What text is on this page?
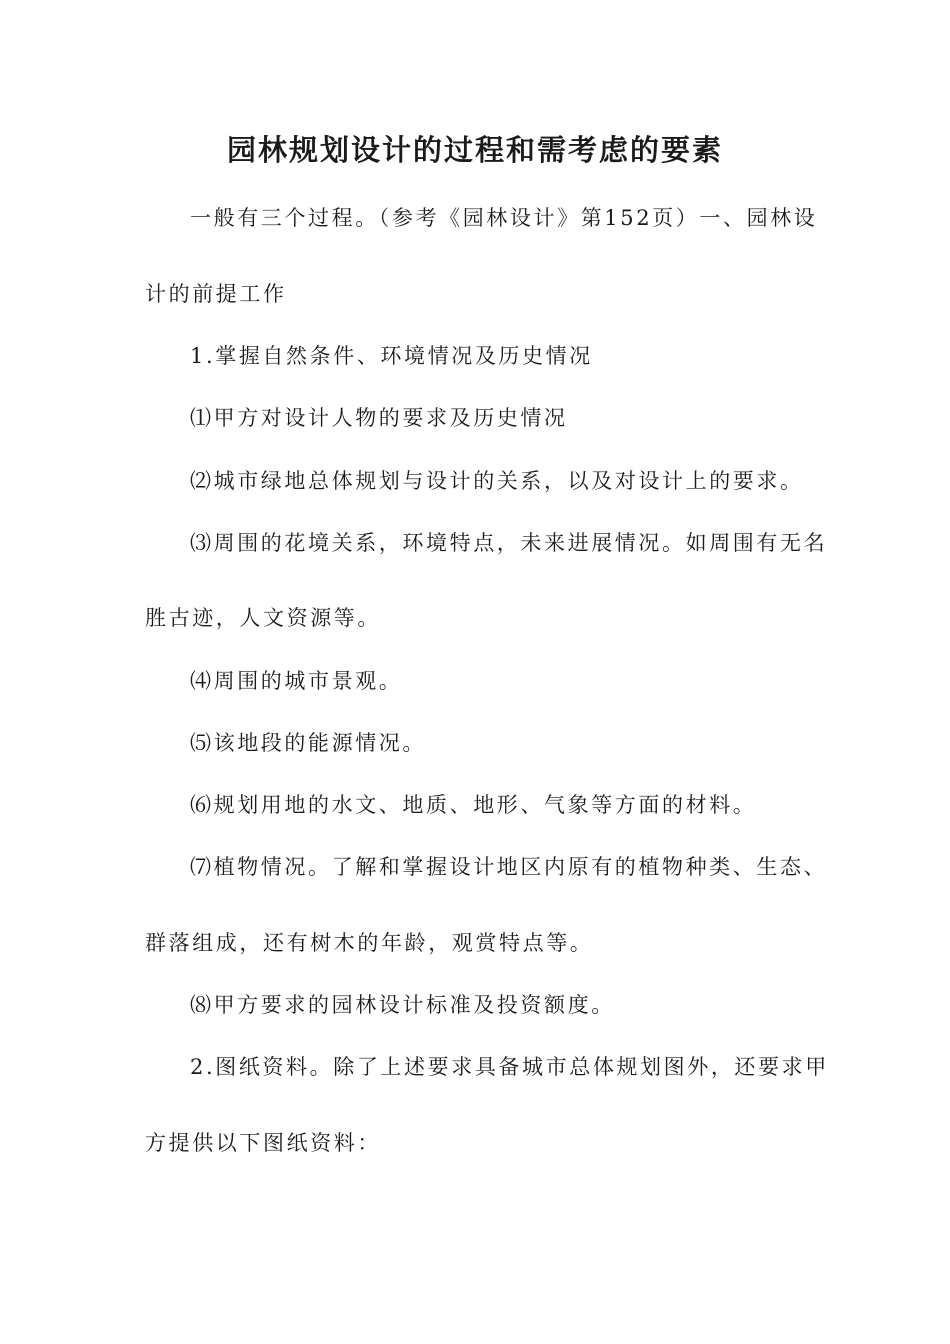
园林规划设计的过程和需考虑的要素
一般有三个过程。（参考《园林设计》第152页）一、园林设
计的前提工作
1.掌握自然条件、环境情况及历史情况
⑴甲方对设计人物的要求及历史情况
⑵城市绿地总体规划与设计的关系，以及对设计上的要求。
⑶周围的花境关系，环境特点，未来进展情况。如周围有无名
胜古迹，人文资源等。
⑷周围的城市景观。
⑸该地段的能源情况。
⑹规划用地的水文、地质、地形、气象等方面的材料。
⑺植物情况。了解和掌握设计地区内原有的植物种类、生态、
群落组成，还有树木的年龄，观赏特点等。
⑻甲方要求的园林设计标准及投资额度。
2.图纸资料。除了上述要求具备城市总体规划图外，还要求甲
方提供以下图纸资料：
